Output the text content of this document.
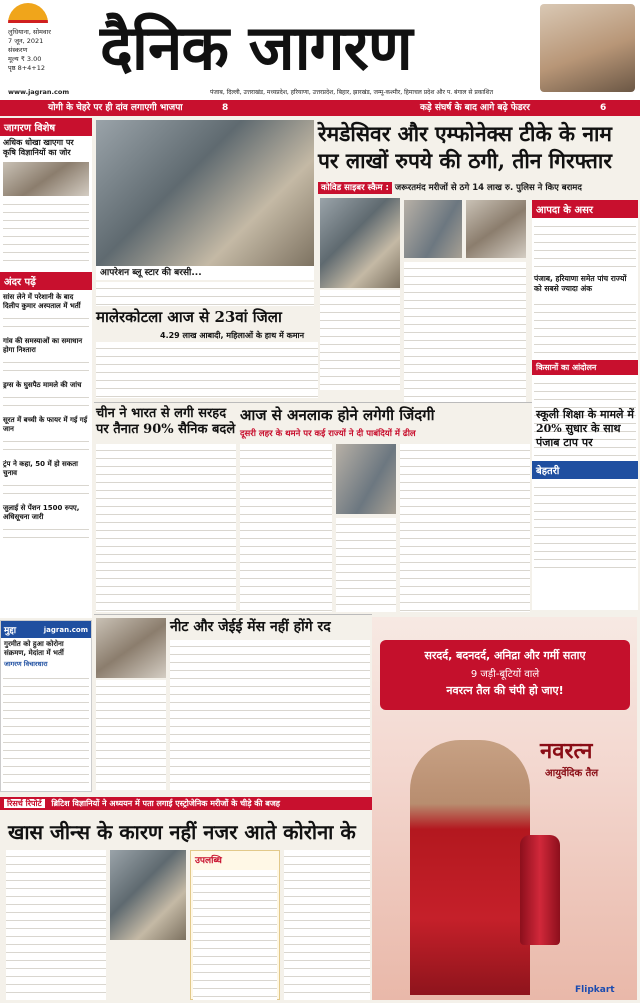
लुधियाना, सोमवार
7 जून, 2021
संस्करण
मूल्य ₹ 3.00
पृष्ठ 8+4+12
www.jagran.com
दैनिक जागरण
पंजाब, दिल्ली, उत्तराखंड, मध्यप्रदेश, हरियाणा, उत्तरप्रदेश, बिहार, झारखंड, जम्मू-कश्मीर, हिमाचल प्रदेश और प. बंगाल से प्रकाशित
योगी के चेहरे पर ही दांव लगाएगी भाजपा	8	कड़े संघर्ष के बाद आगे बढ़े फेडरर	6
जागरण विशेष
अधिक धोखा खाएगा पर कृषि विज्ञानियों का जोर
अंदर पढ़ें
सांस लेने में परेशानी के बाद दिलीप कुमार अस्पताल में भर्ती
गांव की समस्याओं का समाधान होगा निश्तारा
ड्रग्स के घुसपैठ मामले की जांच
सूरत में बच्ची के फायर में गई गई जान
ट्रंप ने कहा, 50 में हो सकता चुनाव
जुलाई से पेंशन 1500 रुपए, अधिसूचना जारी
रेमडेसिवर और एम्फोनेक्स टीके के नाम पर लाखों रुपये की ठगी, तीन गिरफ्तार
कोविड साइबर स्कैम : जरूरतमंद मरीजों से ठगे 14 लाख रु. पुलिस ने किए बरामद
आपदा के असर
पंजाब, हरियाणा समेत पांच राज्यों को सबसे ज्यादा अंक
किसानों का आंदोलन
बेहतरी
आपरेशन ब्लू स्टार की बरसी...
मालेरकोटला आज से 23वां जिला
4.29 लाख आबादी, महिलाओं के हाथ में कमान
चीन ने भारत से लगी सरहद पर तैनात 90% सैनिक बदले
आज से अनलाक होने लगेगी जिंदगी
दूसरी लहर के थमने पर कई राज्यों ने दी पाबंदियों में ढील
स्कूली शिक्षा के मामले में 20% सुधार के साथ पंजाब टाप पर
नीट और जेईई मेंस नहीं होंगे रद
रिसर्च रिपोर्ट ब्रिटिश विज्ञानियों ने अध्ययन में पता लगाई एस्ट्रोजेनिक मरीजों के चीड़े की बजह
खास जीन्स के कारण नहीं नजर आते कोरोना के
उपलब्धि
मुद्दा	jagran.com
गुरमीत को हुआ कोरोना संक्रमण, मेदांता में भर्ती
जागरण विचारधारा
सरदर्द, बदनदर्द, अनिद्रा और गर्मी सताए
9 जड़ी-बूटियों वाले
नवरत्न तैल की चंपी हो जाए!
नवरत्न
आयुर्वेदिक तैल
Flipkart
